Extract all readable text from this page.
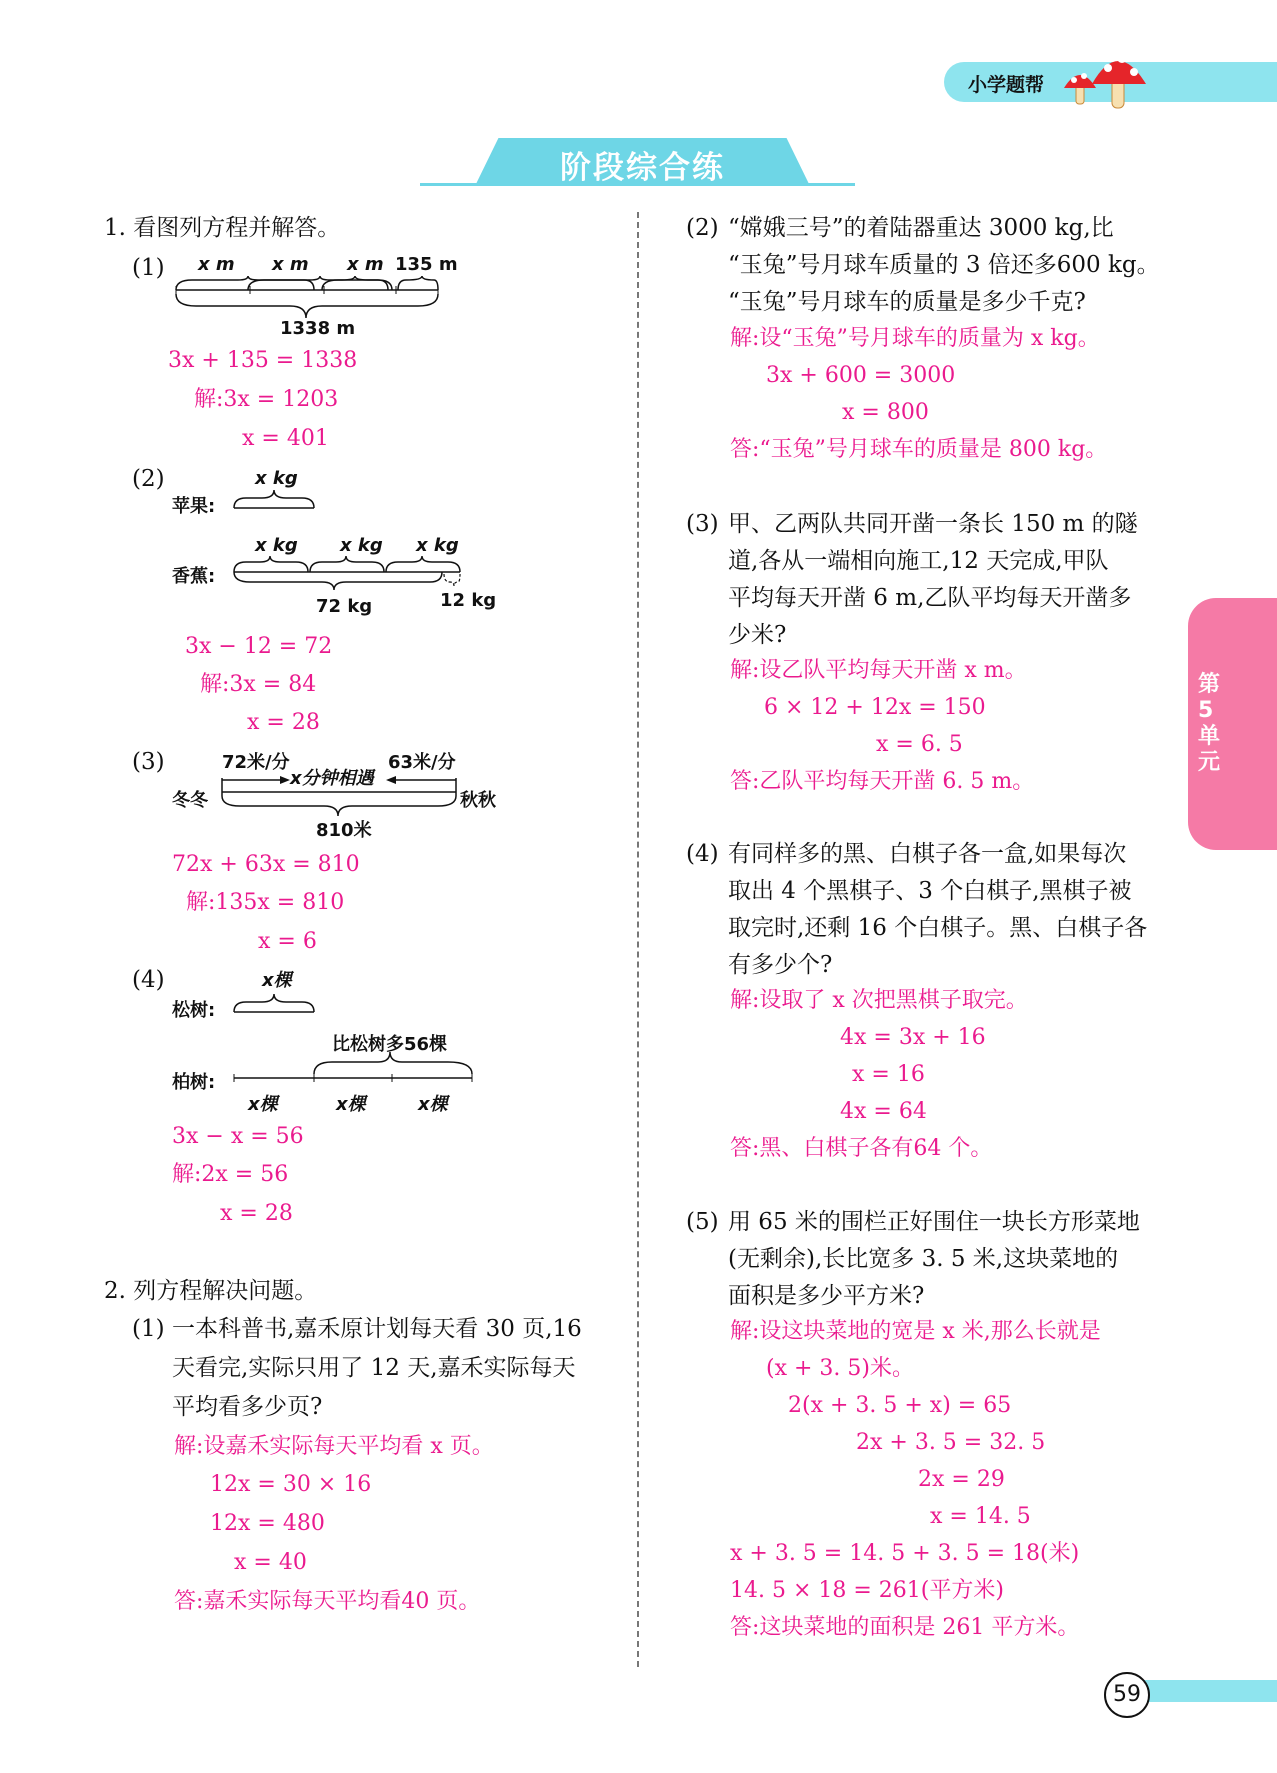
小学题帮
阶段综合练
第5单元
1. 看图列方程并解答。
(1) x m x m x m 135 m
1338 m
3x + 135 = 1338
解:3x = 1203
x = 401
(2)	x kg
苹果:
x kg x kg x kg
香蕉:
72 kg	12 kg
3x − 12 = 72
解:3x = 84
x = 28
(3)	72米/分
x分钟相遇
63米/分
冬冬	秋秋
810米
72x + 63x = 810
解:135x = 810
x = 6
(4)	x棵
松树:
比松树多56棵
柏树:
x棵	x棵	x棵
3x − x = 56
解:2x = 56
x = 28
2. 列方程解决问题。
(1) 一本科普书,嘉禾原计划每天看 30 页,16
天看完,实际只用了 12 天,嘉禾实际每天
平均看多少页?
解:设嘉禾实际每天平均看 x 页。
12x = 30 × 16
12x = 480
x = 40
答:嘉禾实际每天平均看40 页。
(2) “嫦娥三号”的着陆器重达 3000 kg,比
“玉兔”号月球车质量的 3 倍还多600 kg。
“玉兔”号月球车的质量是多少千克?
解:设“玉兔”号月球车的质量为 x kg。
3x + 600 = 3000
x = 800
答:“玉兔”号月球车的质量是 800 kg。
(3) 甲、乙两队共同开凿一条长 150 m 的隧
道,各从一端相向施工,12 天完成,甲队
平均每天开凿 6 m,乙队平均每天开凿多
少米?
解:设乙队平均每天开凿 x m。
6 × 12 + 12x = 150
x = 6. 5
答:乙队平均每天开凿 6. 5 m。
(4) 有同样多的黑、白棋子各一盒,如果每次
取出 4 个黑棋子、3 个白棋子,黑棋子被
取完时,还剩 16 个白棋子。黑、白棋子各
有多少个?
解:设取了 x 次把黑棋子取完。
4x = 3x + 16
x = 16
4x = 64
答:黑、白棋子各有64 个。
(5) 用 65 米的围栏正好围住一块长方形菜地
(无剩余),长比宽多 3. 5 米,这块菜地的
面积是多少平方米?
解:设这块菜地的宽是 x 米,那么长就是
(x + 3. 5)米。
2(x + 3. 5 + x) = 65
2x + 3. 5 = 32. 5
2x = 29
x = 14. 5
x + 3. 5 = 14. 5 + 3. 5 = 18(米)
14. 5 × 18 = 261(平方米)
答:这块菜地的面积是 261 平方米。
59
